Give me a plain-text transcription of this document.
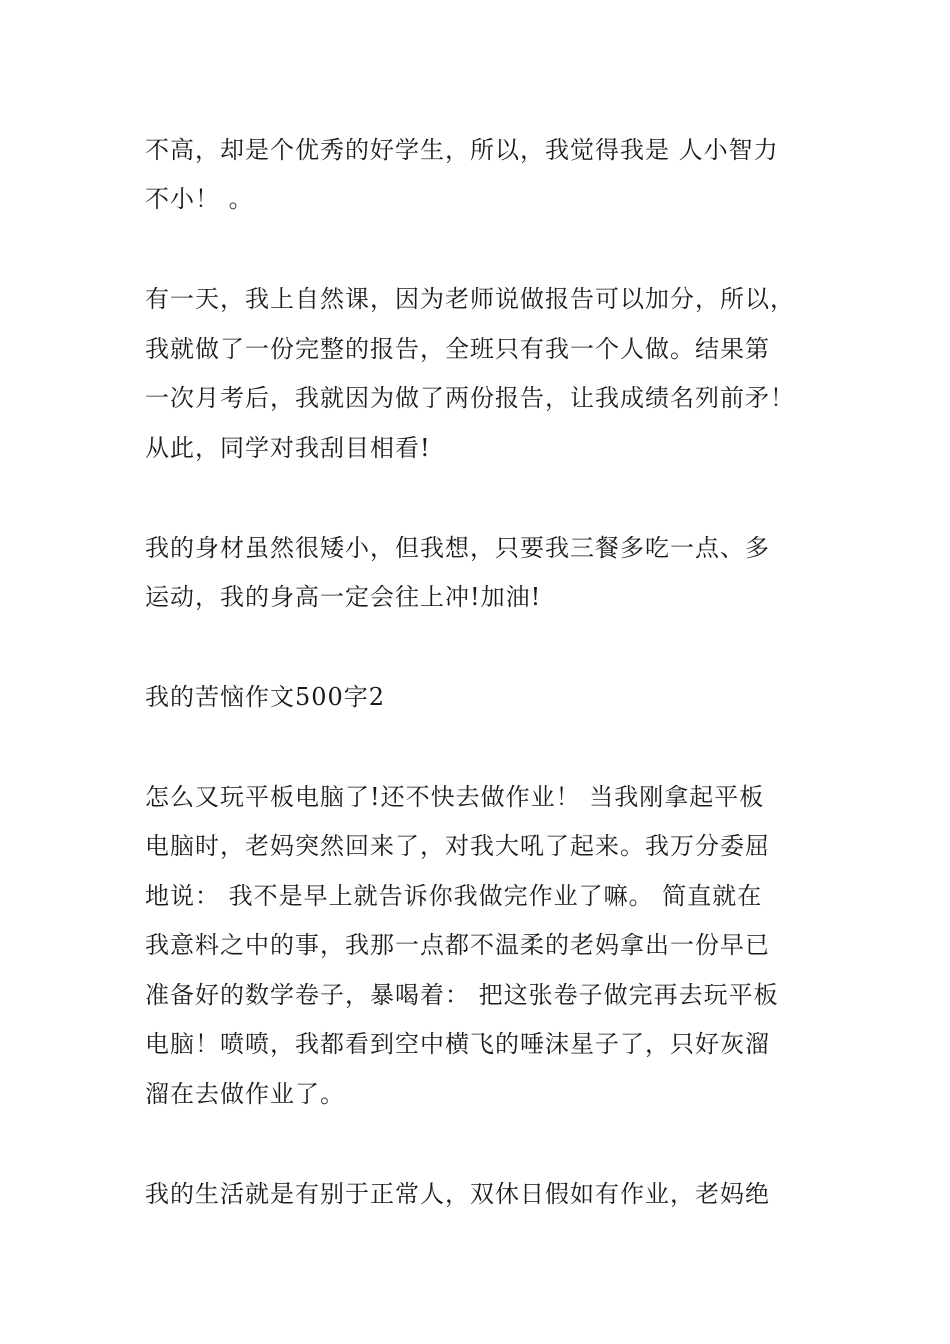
不高，却是个优秀的好学生，所以，我觉得我是 人小智力
不小！ 。
有一天，我上自然课，因为老师说做报告可以加分，所以，
我就做了一份完整的报告，全班只有我一个人做。结果第
一次月考后，我就因为做了两份报告，让我成绩名列前矛！
从此，同学对我刮目相看!
我的身材虽然很矮小，但我想，只要我三餐多吃一点、多
运动，我的身高一定会往上冲!加油!
我的苦恼作文500字2
怎么又玩平板电脑了!还不快去做作业！ 当我刚拿起平板
电脑时，老妈突然回来了，对我大吼了起来。我万分委屈
地说： 我不是早上就告诉你我做完作业了嘛。 简直就在
我意料之中的事，我那一点都不温柔的老妈拿出一份早已
准备好的数学卷子，暴喝着： 把这张卷子做完再去玩平板
电脑！喷喷，我都看到空中横飞的唾沫星子了，只好灰溜
溜在去做作业了。
我的生活就是有别于正常人，双休日假如有作业，老妈绝
